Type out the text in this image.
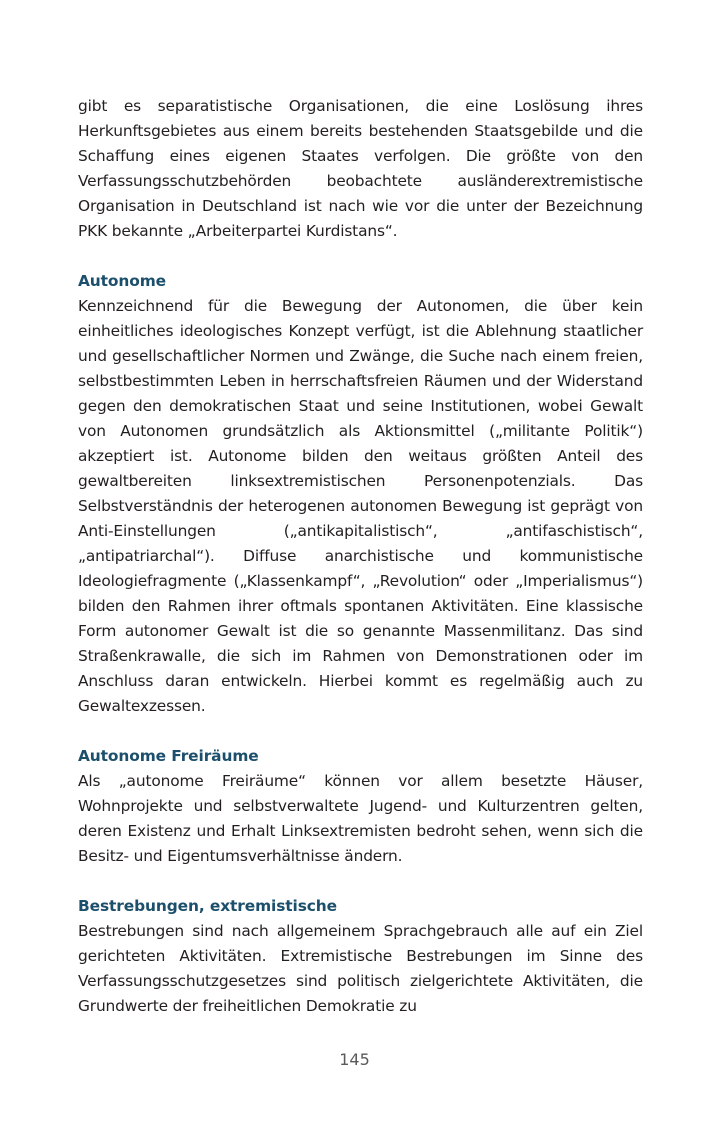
gibt es separatistische Organisationen, die eine Loslösung ihres Herkunftsgebietes aus einem bereits bestehenden Staatsgebilde und die Schaffung eines eigenen Staates verfolgen. Die größte von den Verfassungsschutzbehörden beobachtete ausländerextremistische Organisation in Deutschland ist nach wie vor die unter der Bezeichnung PKK bekannte „Arbeiterpartei Kurdistans“.

Autonome

Kennzeichnend für die Bewegung der Autonomen, die über kein einheitliches ideologisches Konzept verfügt, ist die Ablehnung staatlicher und gesellschaftlicher Normen und Zwänge, die Suche nach einem freien, selbstbestimmten Leben in herrschaftsfreien Räumen und der Widerstand gegen den demokratischen Staat und seine Institutionen, wobei Gewalt von Autonomen grundsätzlich als Aktionsmittel („militante Politik“) akzeptiert ist. Autonome bilden den weitaus größten Anteil des gewaltbereiten linksextremistischen Personenpotenzials. Das Selbstverständnis der heterogenen autonomen Bewegung ist geprägt von Anti-Einstellungen („antikapitalistisch“, „antifaschistisch“, „antipatriarchal“). Diffuse anarchistische und kommunistische Ideologiefragmente („Klassenkampf“, „Revolution“ oder „Imperialismus“) bilden den Rahmen ihrer oftmals spontanen Aktivitäten. Eine klassische Form autonomer Gewalt ist die so genannte Massenmilitanz. Das sind Straßenkrawalle, die sich im Rahmen von Demonstrationen oder im Anschluss daran entwickeln. Hierbei kommt es regelmäßig auch zu Gewaltexzessen.

Autonome Freiräume

Als „autonome Freiräume“ können vor allem besetzte Häuser, Wohnprojekte und selbstverwaltete Jugend- und Kulturzentren gelten, deren Existenz und Erhalt Linksextremisten bedroht sehen, wenn sich die Besitz- und Eigentumsverhältnisse ändern.

Bestrebungen, extremistische

Bestrebungen sind nach allgemeinem Sprachgebrauch alle auf ein Ziel gerichteten Aktivitäten. Extremistische Bestrebungen im Sinne des Verfassungsschutzgesetzes sind politisch zielgerichtete Aktivitäten, die Grundwerte der freiheitlichen Demokratie zu

145
